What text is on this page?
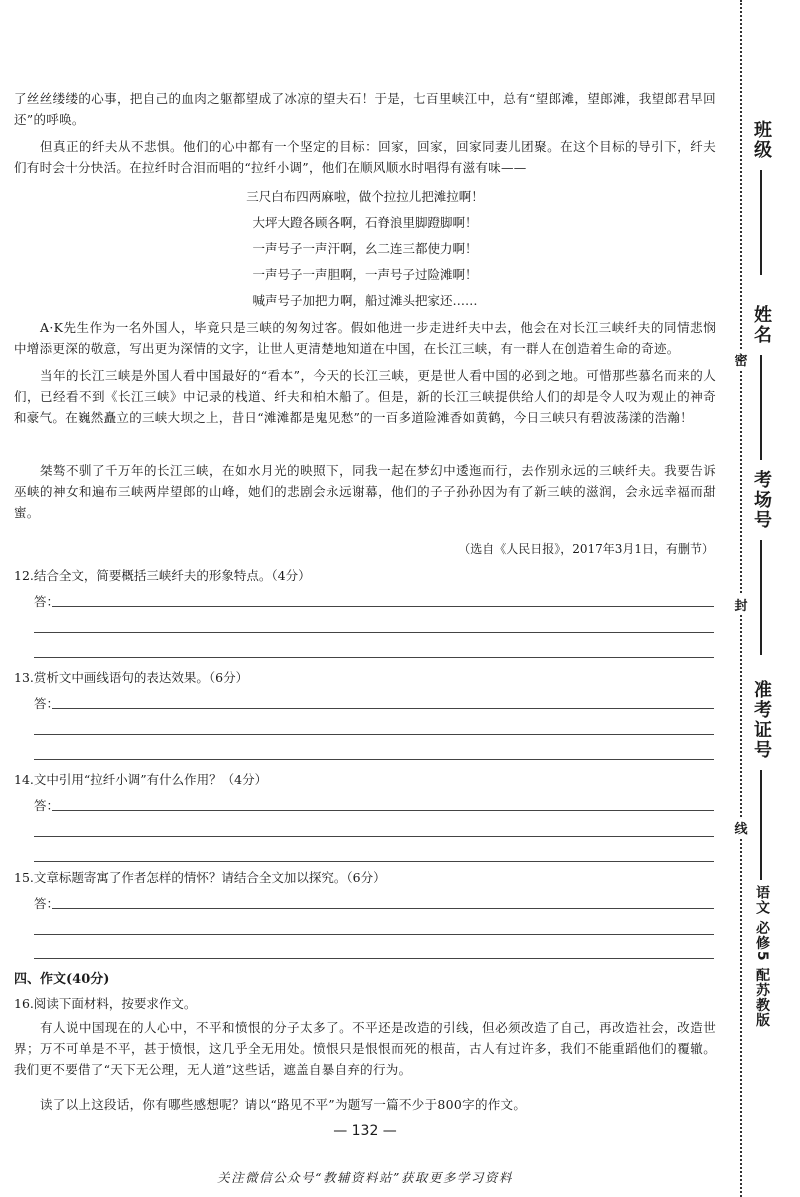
了丝丝缕缕的心事，把自己的血肉之躯都望成了冰凉的望夫石！于是，七百里峡江中，总有“望郎滩，望郎滩，我望郎君早回还”的呼唤。

但真正的纤夫从不悲惧。他们的心中都有一个坚定的目标：回家，回家，回家同妻儿团聚。在这个目标的导引下，纤夫们有时会十分快活。在拉纤时合泪而唱的“拉纤小调”，他们在顺风顺水时唱得有滋有味——

三尺白布四两麻啦，做个拉拉儿把滩拉啊！
大坪大蹬各顾各啊，石脊浪里脚蹬脚啊！
一声号子一声汗啊，幺二连三都使力啊！
一声号子一声胆啊，一声号子过险滩啊！
喊声号子加把力啊，船过滩头把家还……

A·K先生作为一名外国人，毕竟只是三峡的匆匆过客。假如他进一步走进纤夫中去，他会在对长江三峡纤夫的同情悲悯中增添更深的敬意，写出更为深情的文字，让世人更清楚地知道在中国，在长江三峡，有一群人在创造着生命的奇迹。

当年的长江三峡是外国人看中国最好的“看本”，今天的长江三峡，更是世人看中国的必到之地。可惜那些慕名而来的人们，已经看不到《长江三峡》中记录的栈道、纤夫和柏木船了。但是，新的长江三峡提供给人们的却是令人叹为观止的神奇和豪气。在巍然矗立的三峡大坝之上，昔日“滩滩都是鬼见愁”的一百多道险滩香如黄鹤，今日三峡只有碧波荡漾的浩瀚！

桀骜不驯了千万年的长江三峡，在如水月光的映照下，同我一起在梦幻中逶迤而行，去作别永远的三峡纤夫。我要告诉巫峡的神女和遍布三峡两岸望郎的山峰，她们的悲剧会永远谢幕，他们的子子孙孙因为有了新三峡的滋润，会永远幸福而甜蜜。

（选自《人民日报》，2017年3月1日，有删节）
12.结合全文，简要概括三峡纤夫的形象特点。（4分）
答：
13.赏析文中画线语句的表达效果。（6分）
答：
14.文中引用“拉纤小调”有什么作用？（4分）
答：
15.文章标题寄寓了作者怎样的情怀？请结合全文加以探究。（6分）
答：
四、作文(40分)
16.阅读下面材料，按要求作文。

有人说中国现在的人心中，不平和愤恨的分子太多了。不平还是改造的引线，但必须改造了自己，再改造社会，改造世界；万不可单是不平，甚于愤恨，这几乎全无用处。愤恨只是恨恨而死的根苗，古人有过许多，我们不能重蹈他们的覆辙。我们更不要借了“天下无公理，无人道”这些话，遮盖自暴自弃的行为。

读了以上这段话，你有哪些感想呢？请以“路见不平”为题写一篇不少于800字的作文。

— 132 —
关注微信公众号“教辅资料站”获取更多学习资料
班级
姓名
密
考场号
封
准考证号
线
语文 必修5 配苏教版
